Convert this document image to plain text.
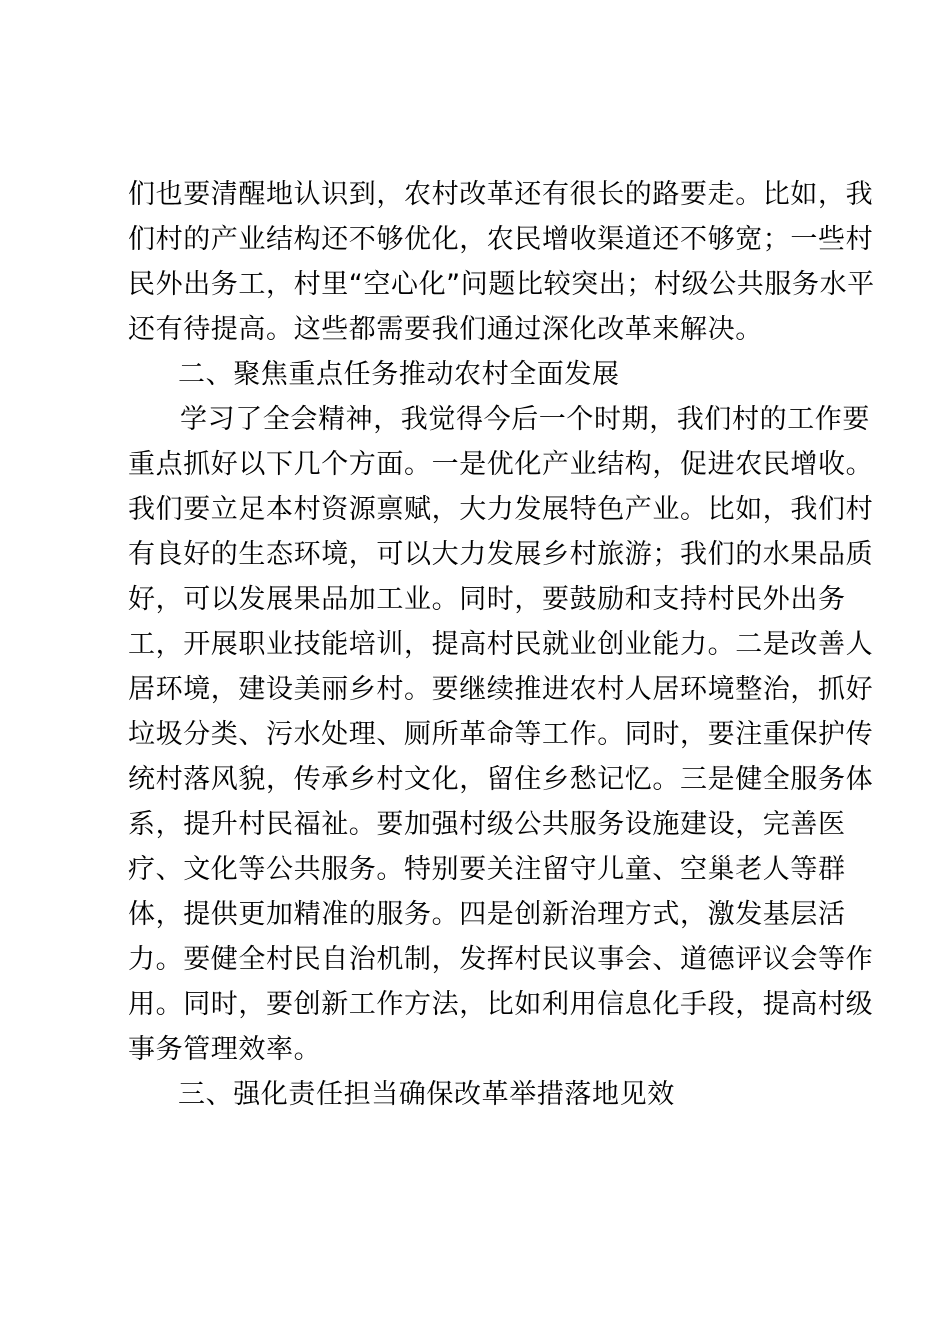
们也要清醒地认识到，农村改革还有很长的路要走。比如，我
们村的产业结构还不够优化，农民增收渠道还不够宽；一些村
民外出务工，村里“空心化”问题比较突出；村级公共服务水平
还有待提高。这些都需要我们通过深化改革来解决。
二、聚焦重点任务推动农村全面发展
学习了全会精神，我觉得今后一个时期，我们村的工作要
重点抓好以下几个方面。一是优化产业结构，促进农民增收。
我们要立足本村资源禀赋，大力发展特色产业。比如，我们村
有良好的生态环境，可以大力发展乡村旅游；我们的水果品质
好，可以发展果品加工业。同时，要鼓励和支持村民外出务
工，开展职业技能培训，提高村民就业创业能力。二是改善人
居环境，建设美丽乡村。要继续推进农村人居环境整治，抓好
垃圾分类、污水处理、厕所革命等工作。同时，要注重保护传
统村落风貌，传承乡村文化，留住乡愁记忆。三是健全服务体
系，提升村民福祉。要加强村级公共服务设施建设，完善医
疗、文化等公共服务。特别要关注留守儿童、空巢老人等群
体，提供更加精准的服务。四是创新治理方式，激发基层活
力。要健全村民自治机制，发挥村民议事会、道德评议会等作
用。同时，要创新工作方法，比如利用信息化手段，提高村级
事务管理效率。
三、强化责任担当确保改革举措落地见效
